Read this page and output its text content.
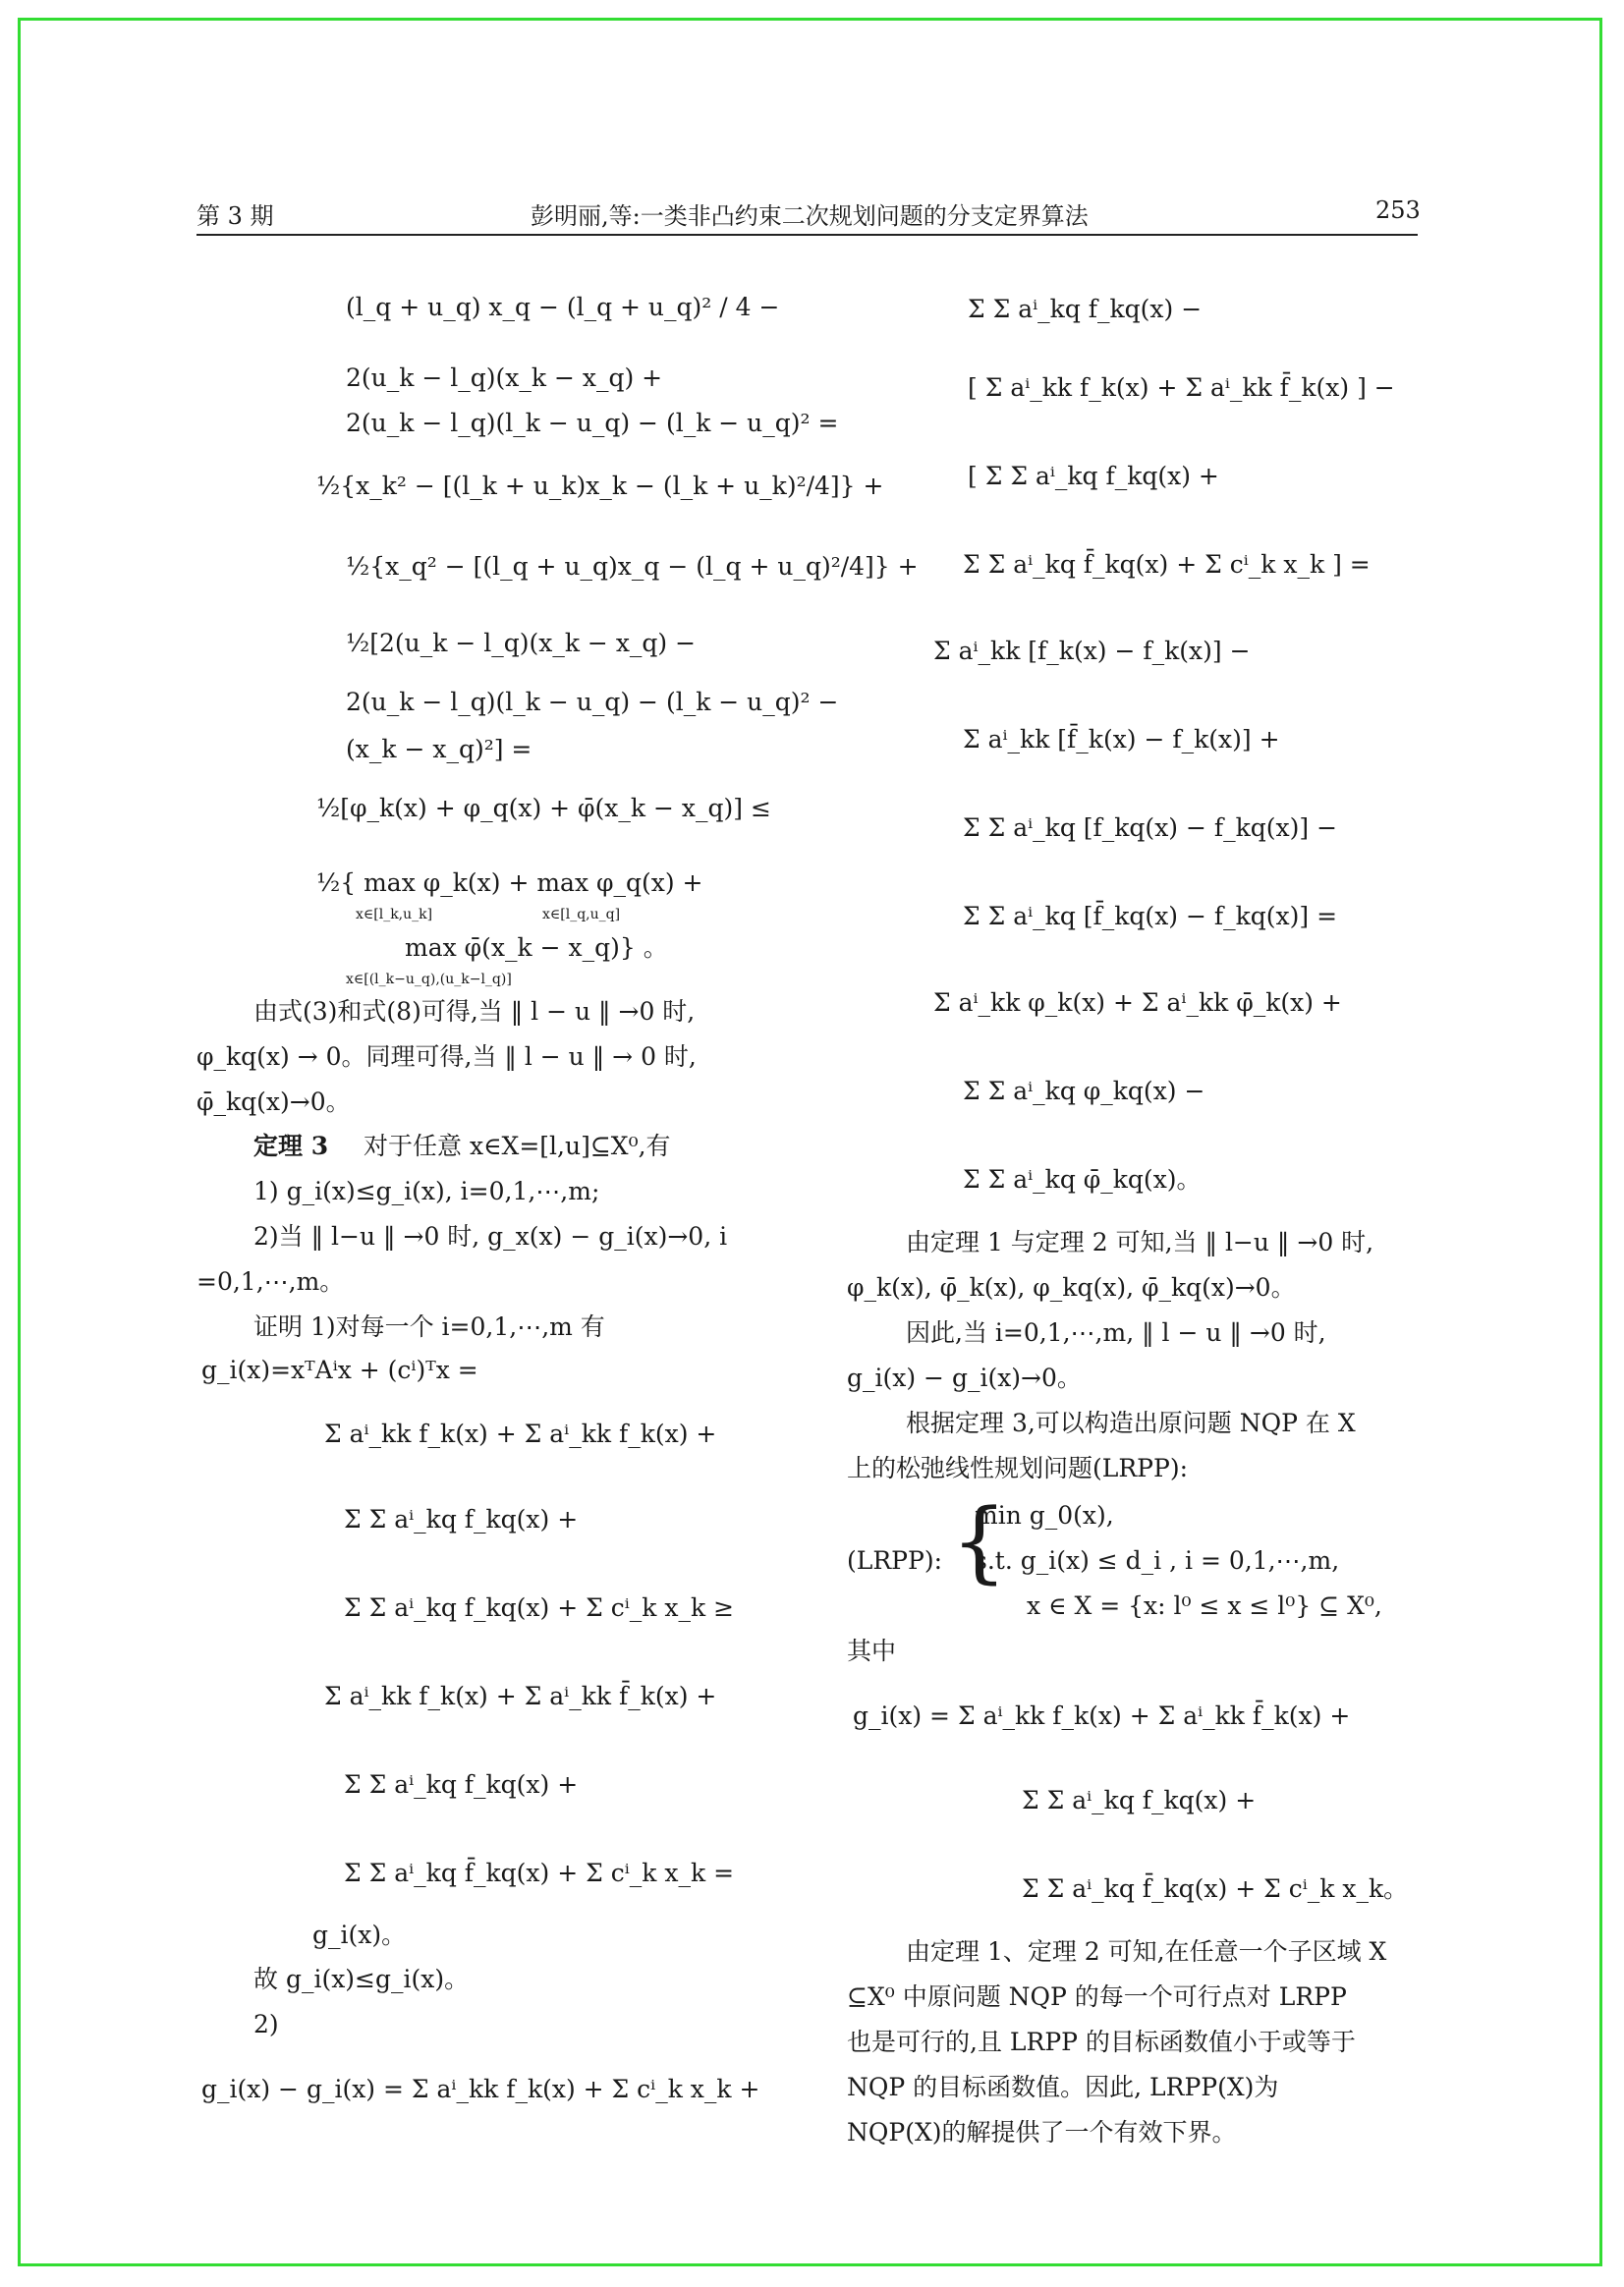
第 3 期	彭明丽,等:一类非凸约束二次规划问题的分支定界算法	253
(l_q + u_q) x_q − (l_q + u_q)² / 4 −
2(u_k − l_q)(x_k − x_q) +
2(u_k − l_q)(l_k − u_q) − (l_k − u_q)² =
½{x_k² − [(l_k + u_k)x_k − (l_k + u_k)²/4]} +
½{x_q² − [(l_q + u_q)x_q − (l_q + u_q)²/4]} +
½[2(u_k − l_q)(x_k − x_q) −
2(u_k − l_q)(l_k − u_q) − (l_k − u_q)² −
(x_k − x_q)²] =
½[φ_k(x) + φ_q(x) + φ̄(x_k − x_q)] ≤
½{ max φ_k(x) + max φ_q(x) +
x∈[l_k,u_k]	x∈[l_q,u_q]
max φ̄(x_k − x_q)} 。
x∈[(l_k−u_q),(u_k−l_q)]
由式(3)和式(8)可得,当 ‖ l − u ‖ →0 时,
φ_kq(x) → 0。同理可得,当 ‖ l − u ‖ → 0 时,
φ̄_kq(x)→0。
定理 3 对于任意 x∈X=[l,u]⊆X⁰,有
1) g_i(x)≤g_i(x), i=0,1,⋯,m;
2)当 ‖ l−u ‖ →0 时, g_x(x) − g_i(x)→0, i
=0,1,⋯,m。
证明 1)对每一个 i=0,1,⋯,m 有
g_i(x)=xᵀAⁱx + (cⁱ)ᵀx =
Σ aⁱ_kk f_k(x) + Σ aⁱ_kk f_k(x) +
Σ Σ aⁱ_kq f_kq(x) +
Σ Σ aⁱ_kq f_kq(x) + Σ cⁱ_k x_k ≥
Σ aⁱ_kk f_k(x) + Σ aⁱ_kk f̄_k(x) +
Σ Σ aⁱ_kq f_kq(x) +
Σ Σ aⁱ_kq f̄_kq(x) + Σ cⁱ_k x_k =
g_i(x)。
故 g_i(x)≤g_i(x)。
2)
g_i(x) − g_i(x) = Σ aⁱ_kk f_k(x) + Σ cⁱ_k x_k +
Σ Σ aⁱ_kq f_kq(x) −
[ Σ aⁱ_kk f_k(x) + Σ aⁱ_kk f̄_k(x) ] −
[ Σ Σ aⁱ_kq f_kq(x) +
Σ Σ aⁱ_kq f̄_kq(x) + Σ cⁱ_k x_k ] =
Σ aⁱ_kk [f_k(x) − f_k(x)] −
Σ aⁱ_kk [f̄_k(x) − f_k(x)] +
Σ Σ aⁱ_kq [f_kq(x) − f_kq(x)] −
Σ Σ aⁱ_kq [f̄_kq(x) − f_kq(x)] =
Σ aⁱ_kk φ_k(x) + Σ aⁱ_kk φ̄_k(x) +
Σ Σ aⁱ_kq φ_kq(x) −
Σ Σ aⁱ_kq φ̄_kq(x)。
由定理 1 与定理 2 可知,当 ‖ l−u ‖ →0 时,
φ_k(x), φ̄_k(x), φ_kq(x), φ̄_kq(x)→0。
因此,当 i=0,1,⋯,m, ‖ l − u ‖ →0 时,
g_i(x) − g_i(x)→0。
根据定理 3,可以构造出原问题 NQP 在 X
上的松弛线性规划问题(LRPP):
(LRPP): {
min g_0(x),
s.t. g_i(x) ≤ d_i , i = 0,1,⋯,m,
x ∈ X = {x: l⁰ ≤ x ≤ l⁰} ⊆ X⁰,
其中
g_i(x) = Σ aⁱ_kk f_k(x) + Σ aⁱ_kk f̄_k(x) +
Σ Σ aⁱ_kq f_kq(x) +
Σ Σ aⁱ_kq f̄_kq(x) + Σ cⁱ_k x_k。
由定理 1、定理 2 可知,在任意一个子区域 X
⊆X⁰ 中原问题 NQP 的每一个可行点对 LRPP
也是可行的,且 LRPP 的目标函数值小于或等于
NQP 的目标函数值。因此, LRPP(X)为
NQP(X)的解提供了一个有效下界。
